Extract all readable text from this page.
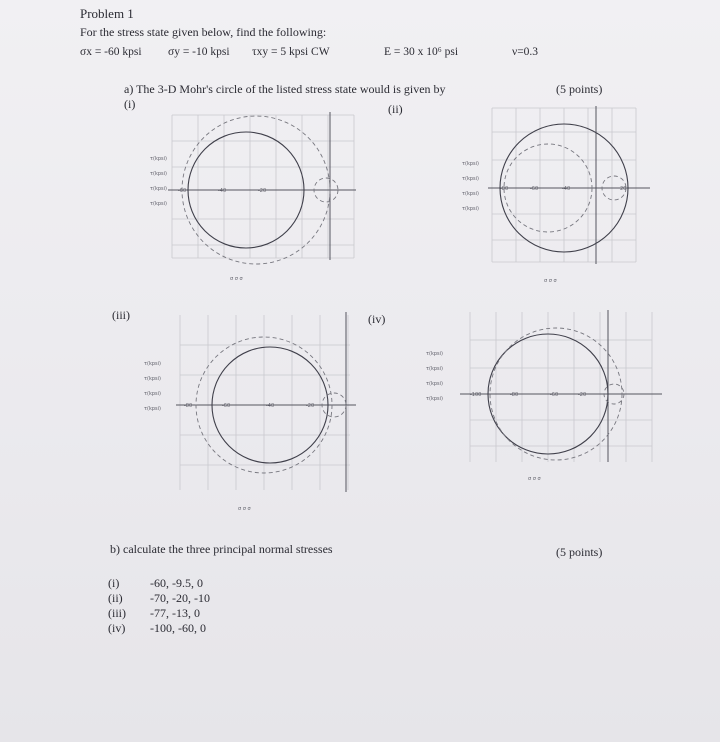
Problem 1
For the stress state given below, find the following:
σx = -60 kpsi σy = -10 kpsi τxy = 5 kpsi CW	E = 30 x 10⁶ psi	ν=0.3
a) The 3-D Mohr's circle of the listed stress state would is given by	(5 points)
(i)	(ii)
(iii)	(iv)
-60	-40	-20
τ(kpsi)
τ(kpsi)
τ(kpsi)
τ(kpsi)
σ σ σ
-80	-60	-40	20
τ(kpsi)
τ(kpsi)
τ(kpsi)
τ(kpsi)
σ σ σ
-80	-60	-40	-20
τ(kpsi)
τ(kpsi)
τ(kpsi)
τ(kpsi)
σ σ σ
-100	-80	-60	-20
τ(kpsi)
τ(kpsi)
τ(kpsi)
τ(kpsi)
σ σ σ
b) calculate the three principal normal stresses	(5 points)
(i)	-60, -9.5, 0
(ii)	-70, -20, -10
(iii)	-77, -13, 0
(iv)	-100, -60, 0
